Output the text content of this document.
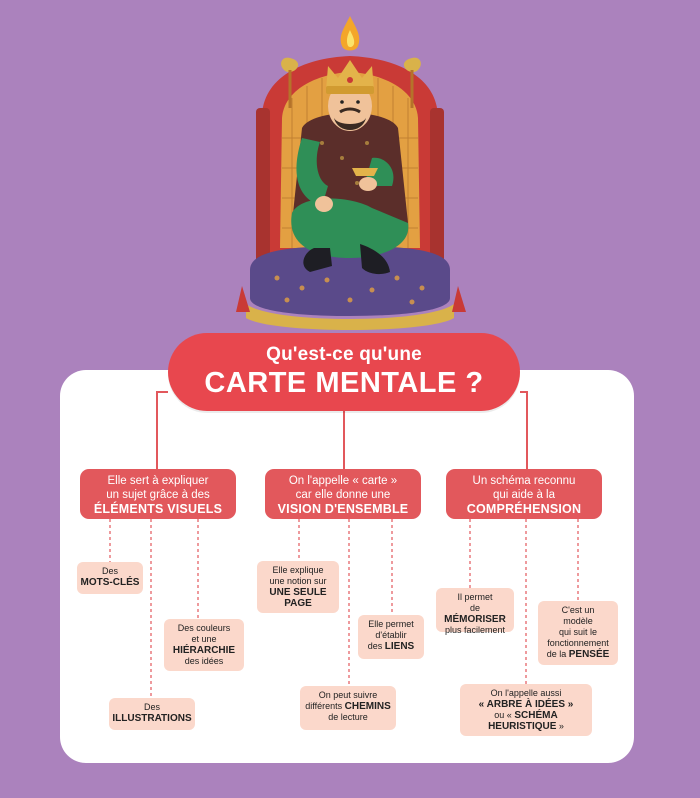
Qu'est-ce qu'une
CARTE MENTALE ?
Elle sert à expliquer
un sujet grâce à des
ÉLÉMENTS VISUELS
On l'appelle « carte »
car elle donne une
VISION D'ENSEMBLE
Un schéma reconnu
qui aide à la
COMPRÉHENSION
Des
MOTS-CLÉS
Des couleurs
et une
HIÉRARCHIE
des idées
Des
ILLUSTRATIONS
Elle explique
une notion sur
UNE SEULE
PAGE
Elle permet
d'établir
des LIENS
On peut suivre
différents CHEMINS
de lecture
Il permet
de MÉMORISER
plus facilement
C'est un
modèle
qui suit le
fonctionnement
de la PENSÉE
On l'appelle aussi
« ARBRE À IDÉES »
ou « SCHÉMA
HEURISTIQUE »
